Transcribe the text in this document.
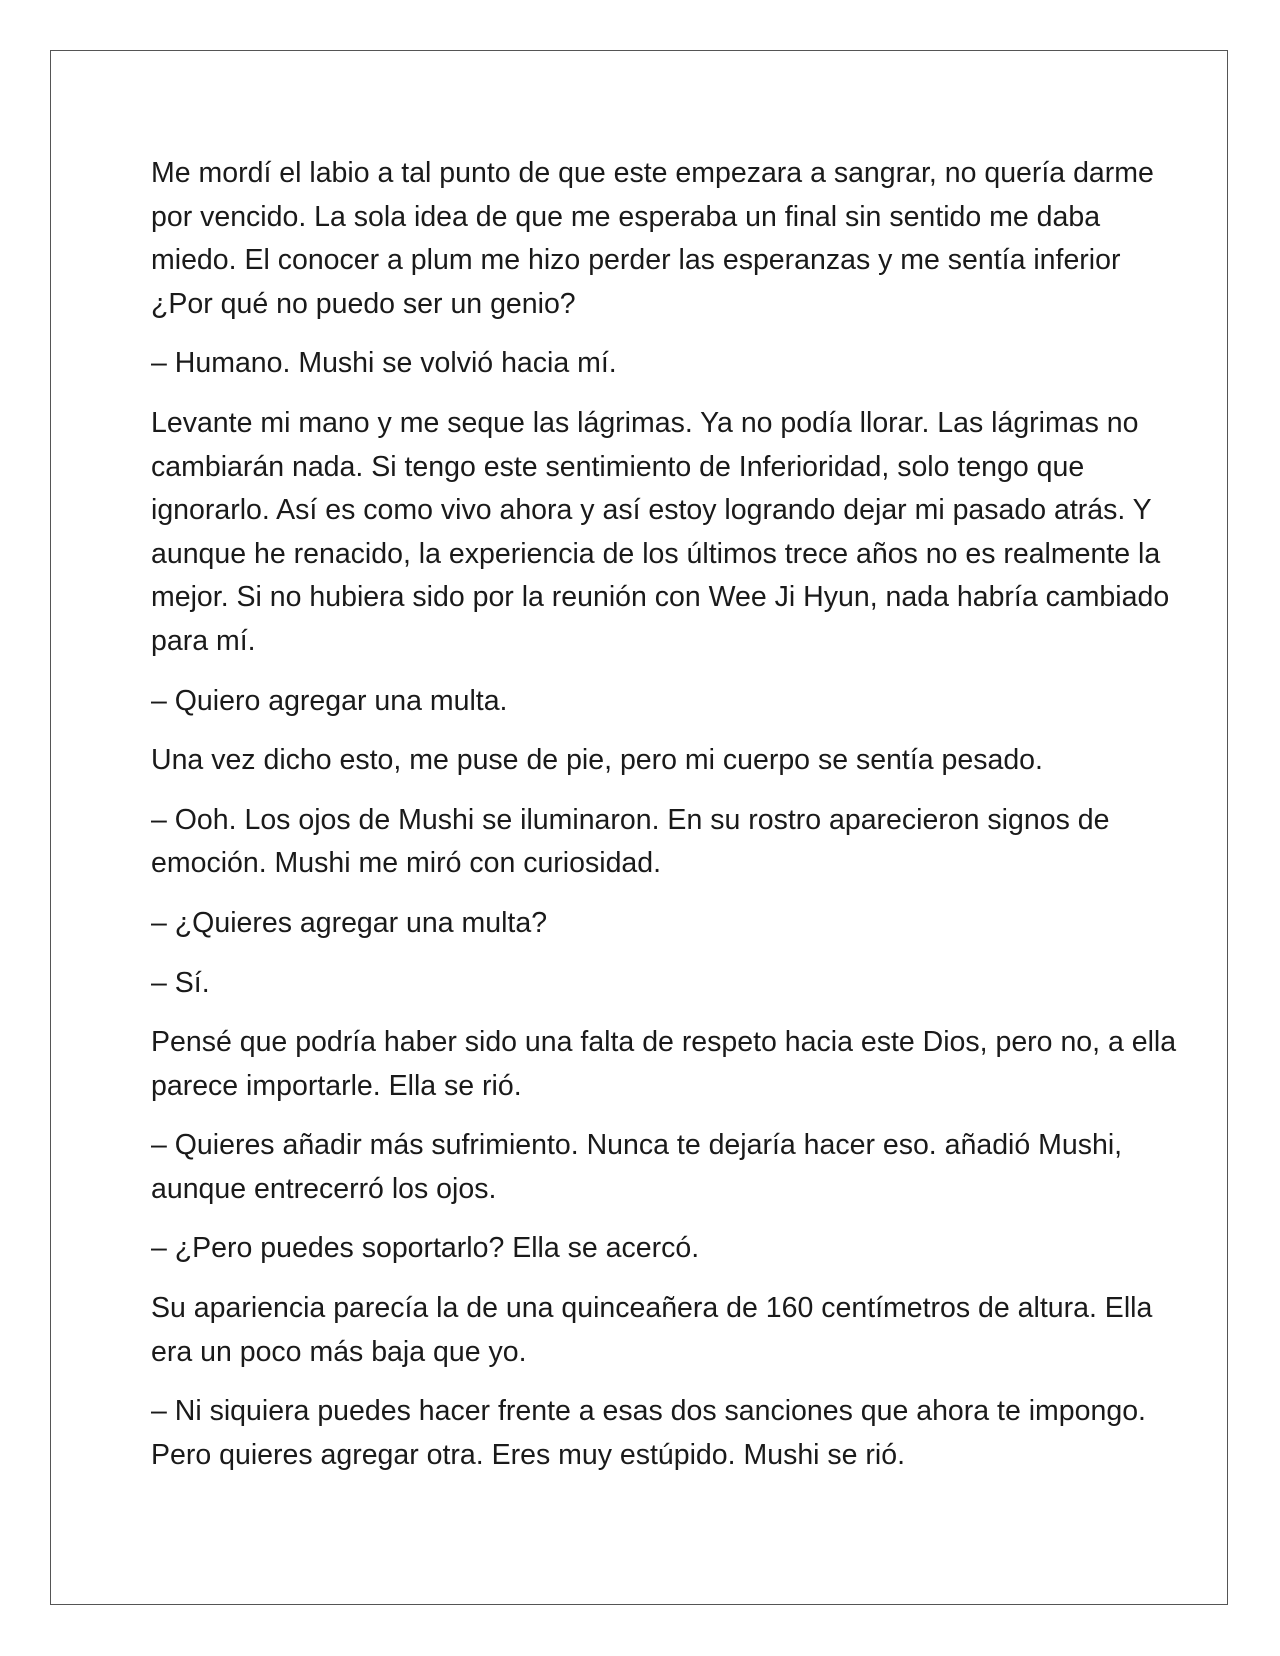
Me mordí el labio a tal punto de que este empezara a sangrar, no quería darme por vencido. La sola idea de que me esperaba un final sin sentido me daba miedo. El conocer a plum me hizo perder las esperanzas y me sentía inferior ¿Por qué no puedo ser un genio?

– Humano. Mushi se volvió hacia mí.

Levante mi mano y me seque las lágrimas. Ya no podía llorar. Las lágrimas no cambiarán nada. Si tengo este sentimiento de Inferioridad, solo tengo que ignorarlo. Así es como vivo ahora y así estoy logrando dejar mi pasado atrás. Y aunque he renacido, la experiencia de los últimos trece años no es realmente la mejor. Si no hubiera sido por la reunión con Wee Ji Hyun, nada habría cambiado para mí.

– Quiero agregar una multa.

Una vez dicho esto, me puse de pie, pero mi cuerpo se sentía pesado.

– Ooh. Los ojos de Mushi se iluminaron. En su rostro aparecieron signos de emoción. Mushi me miró con curiosidad.

– ¿Quieres agregar una multa?

– Sí.

Pensé que podría haber sido una falta de respeto hacia este Dios, pero no, a ella parece importarle. Ella se rió.

– Quieres añadir más sufrimiento. Nunca te dejaría hacer eso. añadió Mushi, aunque entrecerró los ojos.

– ¿Pero puedes soportarlo? Ella se acercó.

Su apariencia parecía la de una quinceañera de 160 centímetros de altura. Ella era un poco más baja que yo.

– Ni siquiera puedes hacer frente a esas dos sanciones que ahora te impongo. Pero quieres agregar otra. Eres muy estúpido. Mushi se rió.
